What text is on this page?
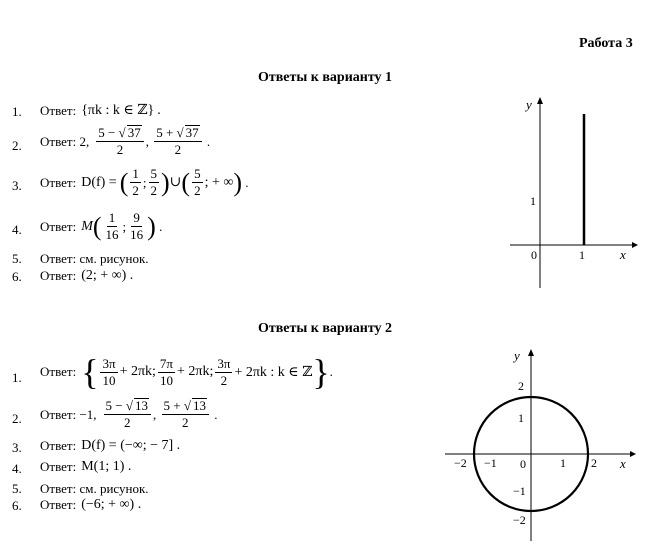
Работа 3
Ответы к варианту 1
1. Ответ: {πk : k ∈ ℤ} .
2. Ответ: 2, $\frac{5 - √ 37}{2}$ , $\frac{5 + √ 37}{2}$ .
3. Ответ: D(f) = ( $\frac{1}{2}$ ; $\frac{5}{2}$ ) ∪ ( $\frac{5}{2}$ ; + ∞ ) .
4. Ответ: M ( $\frac{1}{16}$ ; $\frac{9}{16}$ ) .
5. Ответ: см. рисунок.
6. Ответ: (2; + ∞) .
y
x
0	1
1
Ответы к варианту 2
1. Ответ: { $\frac{3\pi}{10} + 2\pi k$; $\frac{7\pi}{10} + 2\pi k$; $\frac{3\pi}{2} + 2\pi k$ : k ∈ ℤ } .
2. Ответ: −1, $\frac{5 - √ 13}{2}$ , $\frac{5 + √ 13}{2}$ .
3. Ответ: D(f) = (−∞; − 7] .
4. Ответ: M(1; 1) .
5. Ответ: см. рисунок.
6. Ответ: (−6; + ∞) .
y
x
0
−2 −1	1 2
2
1
−1
−2
